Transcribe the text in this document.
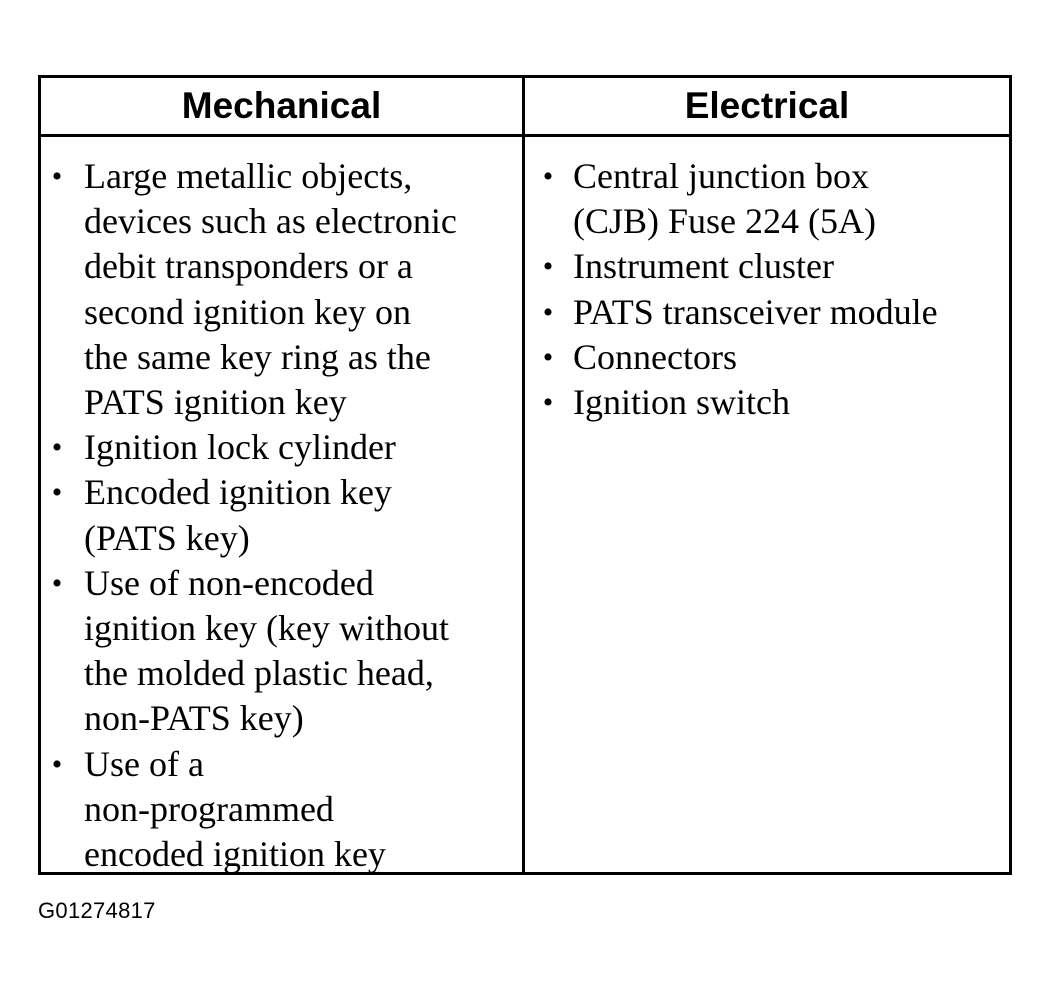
Mechanical	Electrical
• Large metallic objects,
devices such as electronic
debit transponders or a
second ignition key on
the same key ring as the
PATS ignition key
• Ignition lock cylinder
• Encoded ignition key
(PATS key)
• Use of non-encoded
ignition key (key without
the molded plastic head,
non-PATS key)
• Use of a
non-programmed
encoded ignition key
• Central junction box
(CJB) Fuse 224 (5A)
• Instrument cluster
• PATS transceiver module
• Connectors
• Ignition switch
G01274817
